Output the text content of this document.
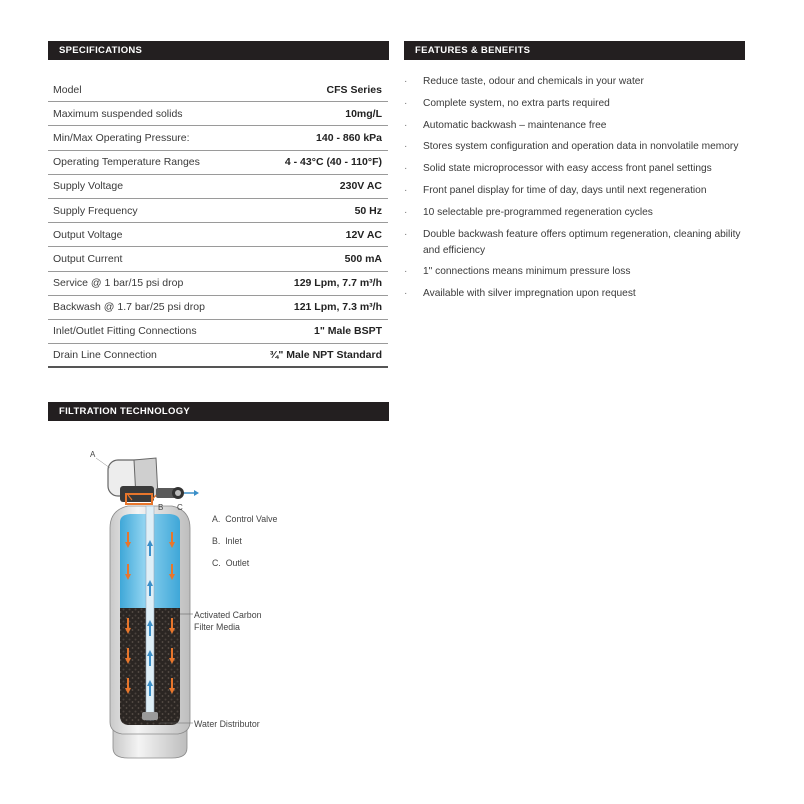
SPECIFICATIONS
Model	CFS Series
Maximum suspended solids	10mg/L
Min/Max Operating Pressure:	140 - 860 kPa
Operating Temperature Ranges	4 - 43°C (40 - 110°F)
Supply Voltage	230V AC
Supply Frequency	50 Hz
Output Voltage	12V AC
Output Current	500 mA
Service @ 1 bar/15 psi drop	129 Lpm, 7.7 m³/h
Backwash @ 1.7 bar/25 psi drop	121 Lpm, 7.3 m³/h
Inlet/Outlet Fitting Connections	1" Male BSPT
Drain Line Connection	¾" Male NPT Standard
FEATURES & BENEFITS
· Reduce taste, odour and chemicals in your water
· Complete system, no extra parts required
· Automatic backwash – maintenance free
· Stores system configuration and operation data in nonvolatile memory
· Solid state microprocessor with easy access front panel settings
· Front panel display for time of day, days until next regeneration
· 10 selectable pre-programmed regeneration cycles
· Double backwash feature offers optimum regeneration, cleaning ability and efficiency
· 1" connections means minimum pressure loss
· Available with silver impregnation upon request
FILTRATION TECHNOLOGY
A
B C
A. Control Valve
B. Inlet
C. Outlet
Activated Carbon
Filter Media
Water Distributor
